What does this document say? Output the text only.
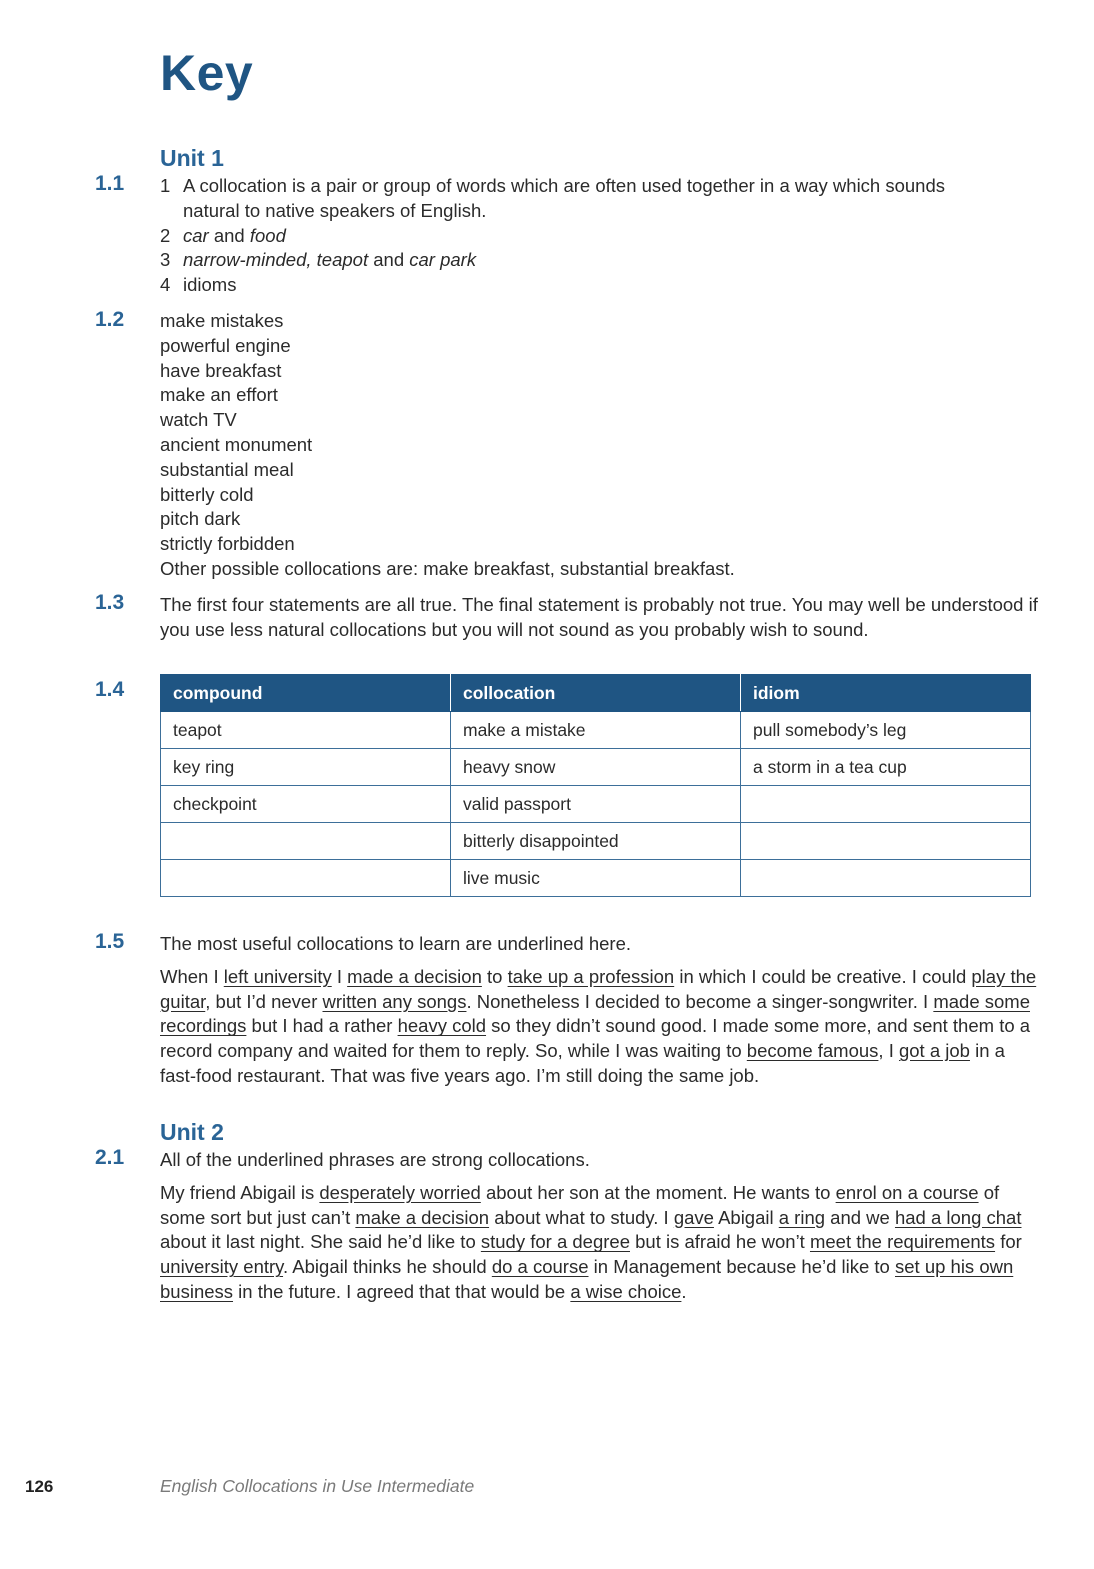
Key
Unit 1
1.1 1 A collocation is a pair or group of words which are often used together in a way which sounds natural to native speakers of English.
2 car and food
3 narrow-minded, teapot and car park
4 idioms
1.2 make mistakes
powerful engine
have breakfast
make an effort
watch TV
ancient monument
substantial meal
bitterly cold
pitch dark
strictly forbidden
Other possible collocations are: make breakfast, substantial breakfast.
1.3 The first four statements are all true. The final statement is probably not true. You may well be understood if you use less natural collocations but you will not sound as you probably wish to sound.

1.4	compound	collocation	idiom
teapot	make a mistake	pull somebody’s leg
key ring	heavy snow	a storm in a tea cup
checkpoint	valid passport	
	bitterly disappointed	
	live music	
1.5 The most useful collocations to learn are underlined here.

When I left university I made a decision to take up a profession in which I could be creative. I could play the guitar, but I’d never written any songs. Nonetheless I decided to become a singer-songwriter. I made some recordings but I had a rather heavy cold so they didn’t sound good. I made some more, and sent them to a record company and waited for them to reply. So, while I was waiting to become famous, I got a job in a fast-food restaurant. That was five years ago. I’m still doing the same job.

Unit 2
2.1 All of the underlined phrases are strong collocations.

My friend Abigail is desperately worried about her son at the moment. He wants to enrol on a course of some sort but just can’t make a decision about what to study. I gave Abigail a ring and we had a long chat about it last night. She said he’d like to study for a degree but is afraid he won’t meet the requirements for university entry. Abigail thinks he should do a course in Management because he’d like to set up his own business in the future. I agreed that that would be a wise choice.

126	English Collocations in Use Intermediate
